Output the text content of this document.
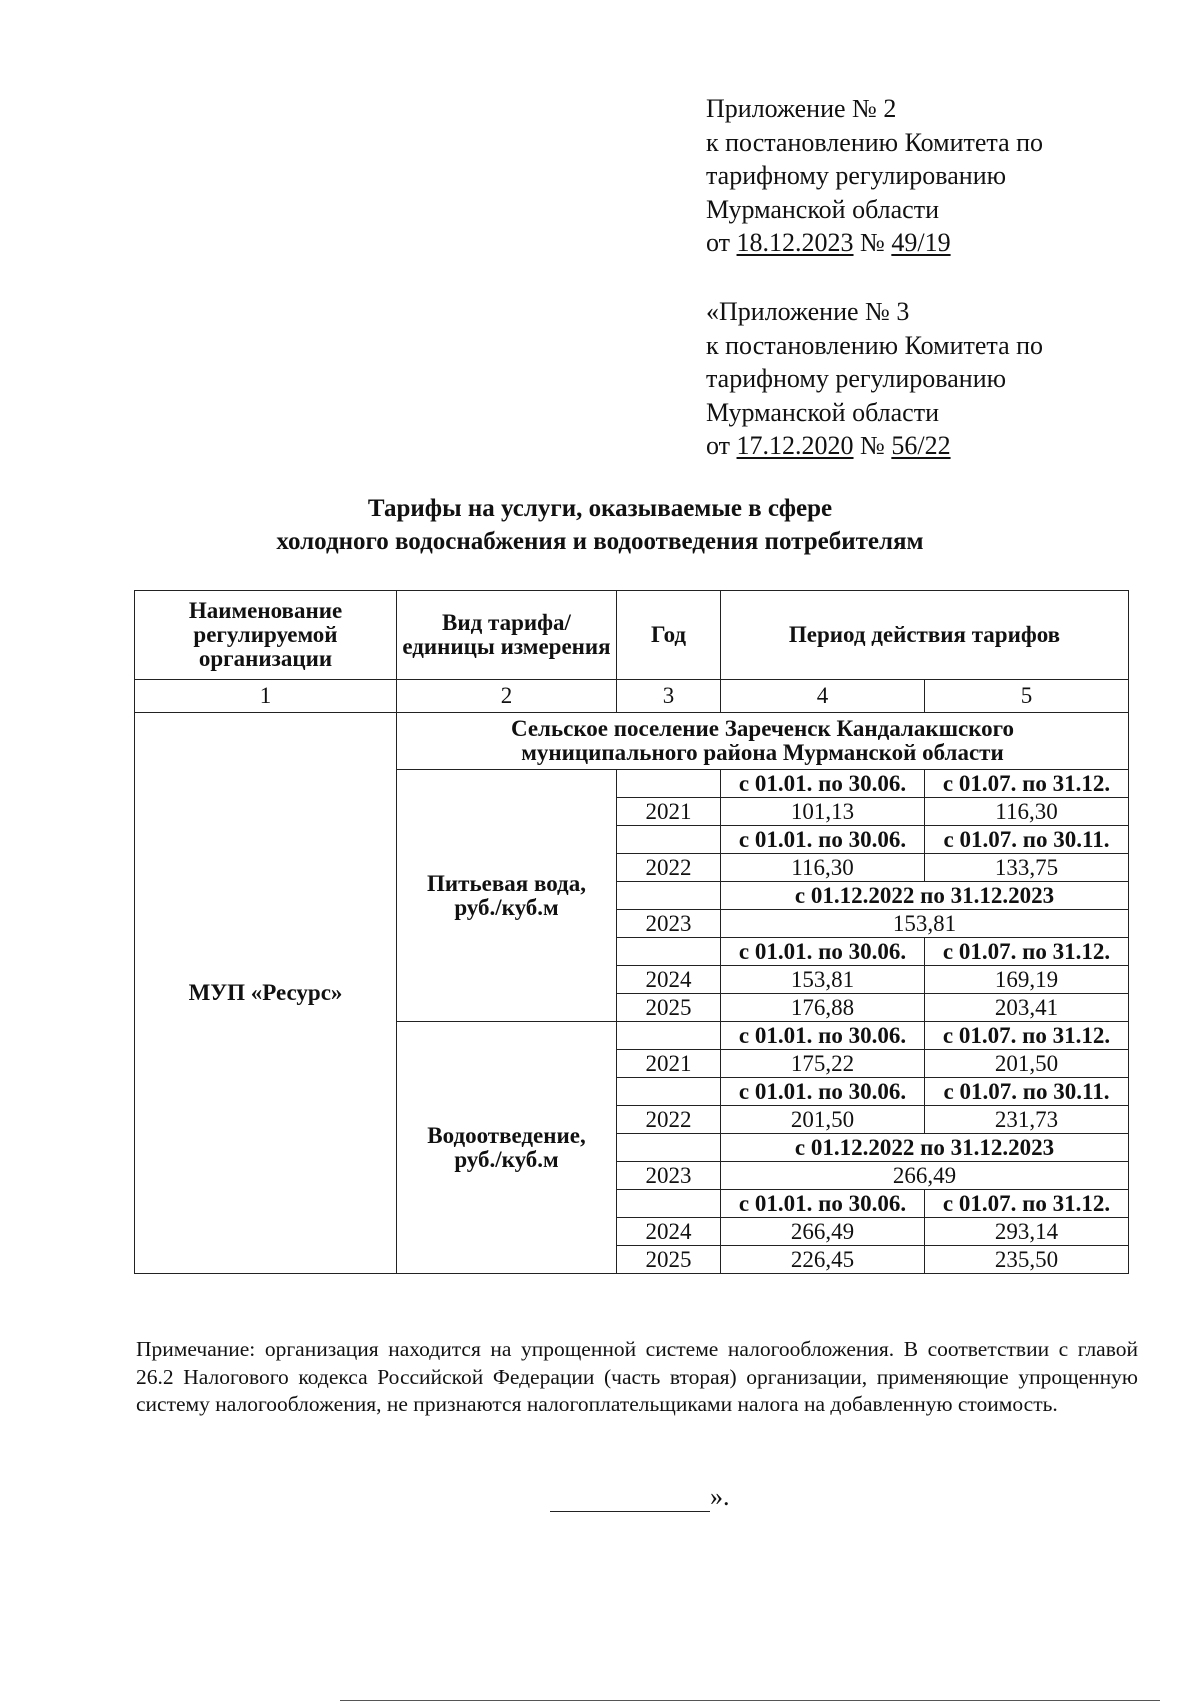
Приложение № 2
к постановлению Комитета по
тарифному регулированию
Мурманской области
от 18.12.2023 № 49/19
«Приложение № 3
к постановлению Комитета по
тарифному регулированию
Мурманской области
от 17.12.2020 № 56/22
Тарифы на услуги, оказываемые в сфере
холодного водоснабжения и водоотведения потребителям
Наименование регулируемой организации	Вид тарифа/единицы измерения	Год	Период действия тарифов	
1	2	3	4	5
МУП «Ресурс»	Сельское поселение Зареченск Кандалакшского
муниципального района Мурманской области			

	Питьевая вода,
руб./куб.м		с 01.01. по 30.06.	с 01.07. по 31.12.
		2021	101,13	116,30
			с 01.01. по 30.06.	с 01.07. по 30.11.
		2022	116,30	133,75
			с 01.12.2022 по 31.12.2023	
		2023	153,81	
			с 01.01. по 30.06.	с 01.07. по 31.12.
		2024	153,81	169,19
		2025	176,88	203,41

	Водоотведение,
руб./куб.м		с 01.01. по 30.06.	с 01.07. по 31.12.
		2021	175,22	201,50
			с 01.01. по 30.06.	с 01.07. по 30.11.
		2022	201,50	231,73
			с 01.12.2022 по 31.12.2023	
		2023	266,49	
			с 01.01. по 30.06.	с 01.07. по 31.12.
		2024	266,49	293,14
		2025	226,45	235,50
Примечание: организация находится на упрощенной системе налогообложения. В соответствии с главой 26.2 Налогового кодекса Российской Федерации (часть вторая) организации, применяющие упрощенную систему налогообложения, не признаются налогоплательщиками налога на добавленную стоимость.
».
